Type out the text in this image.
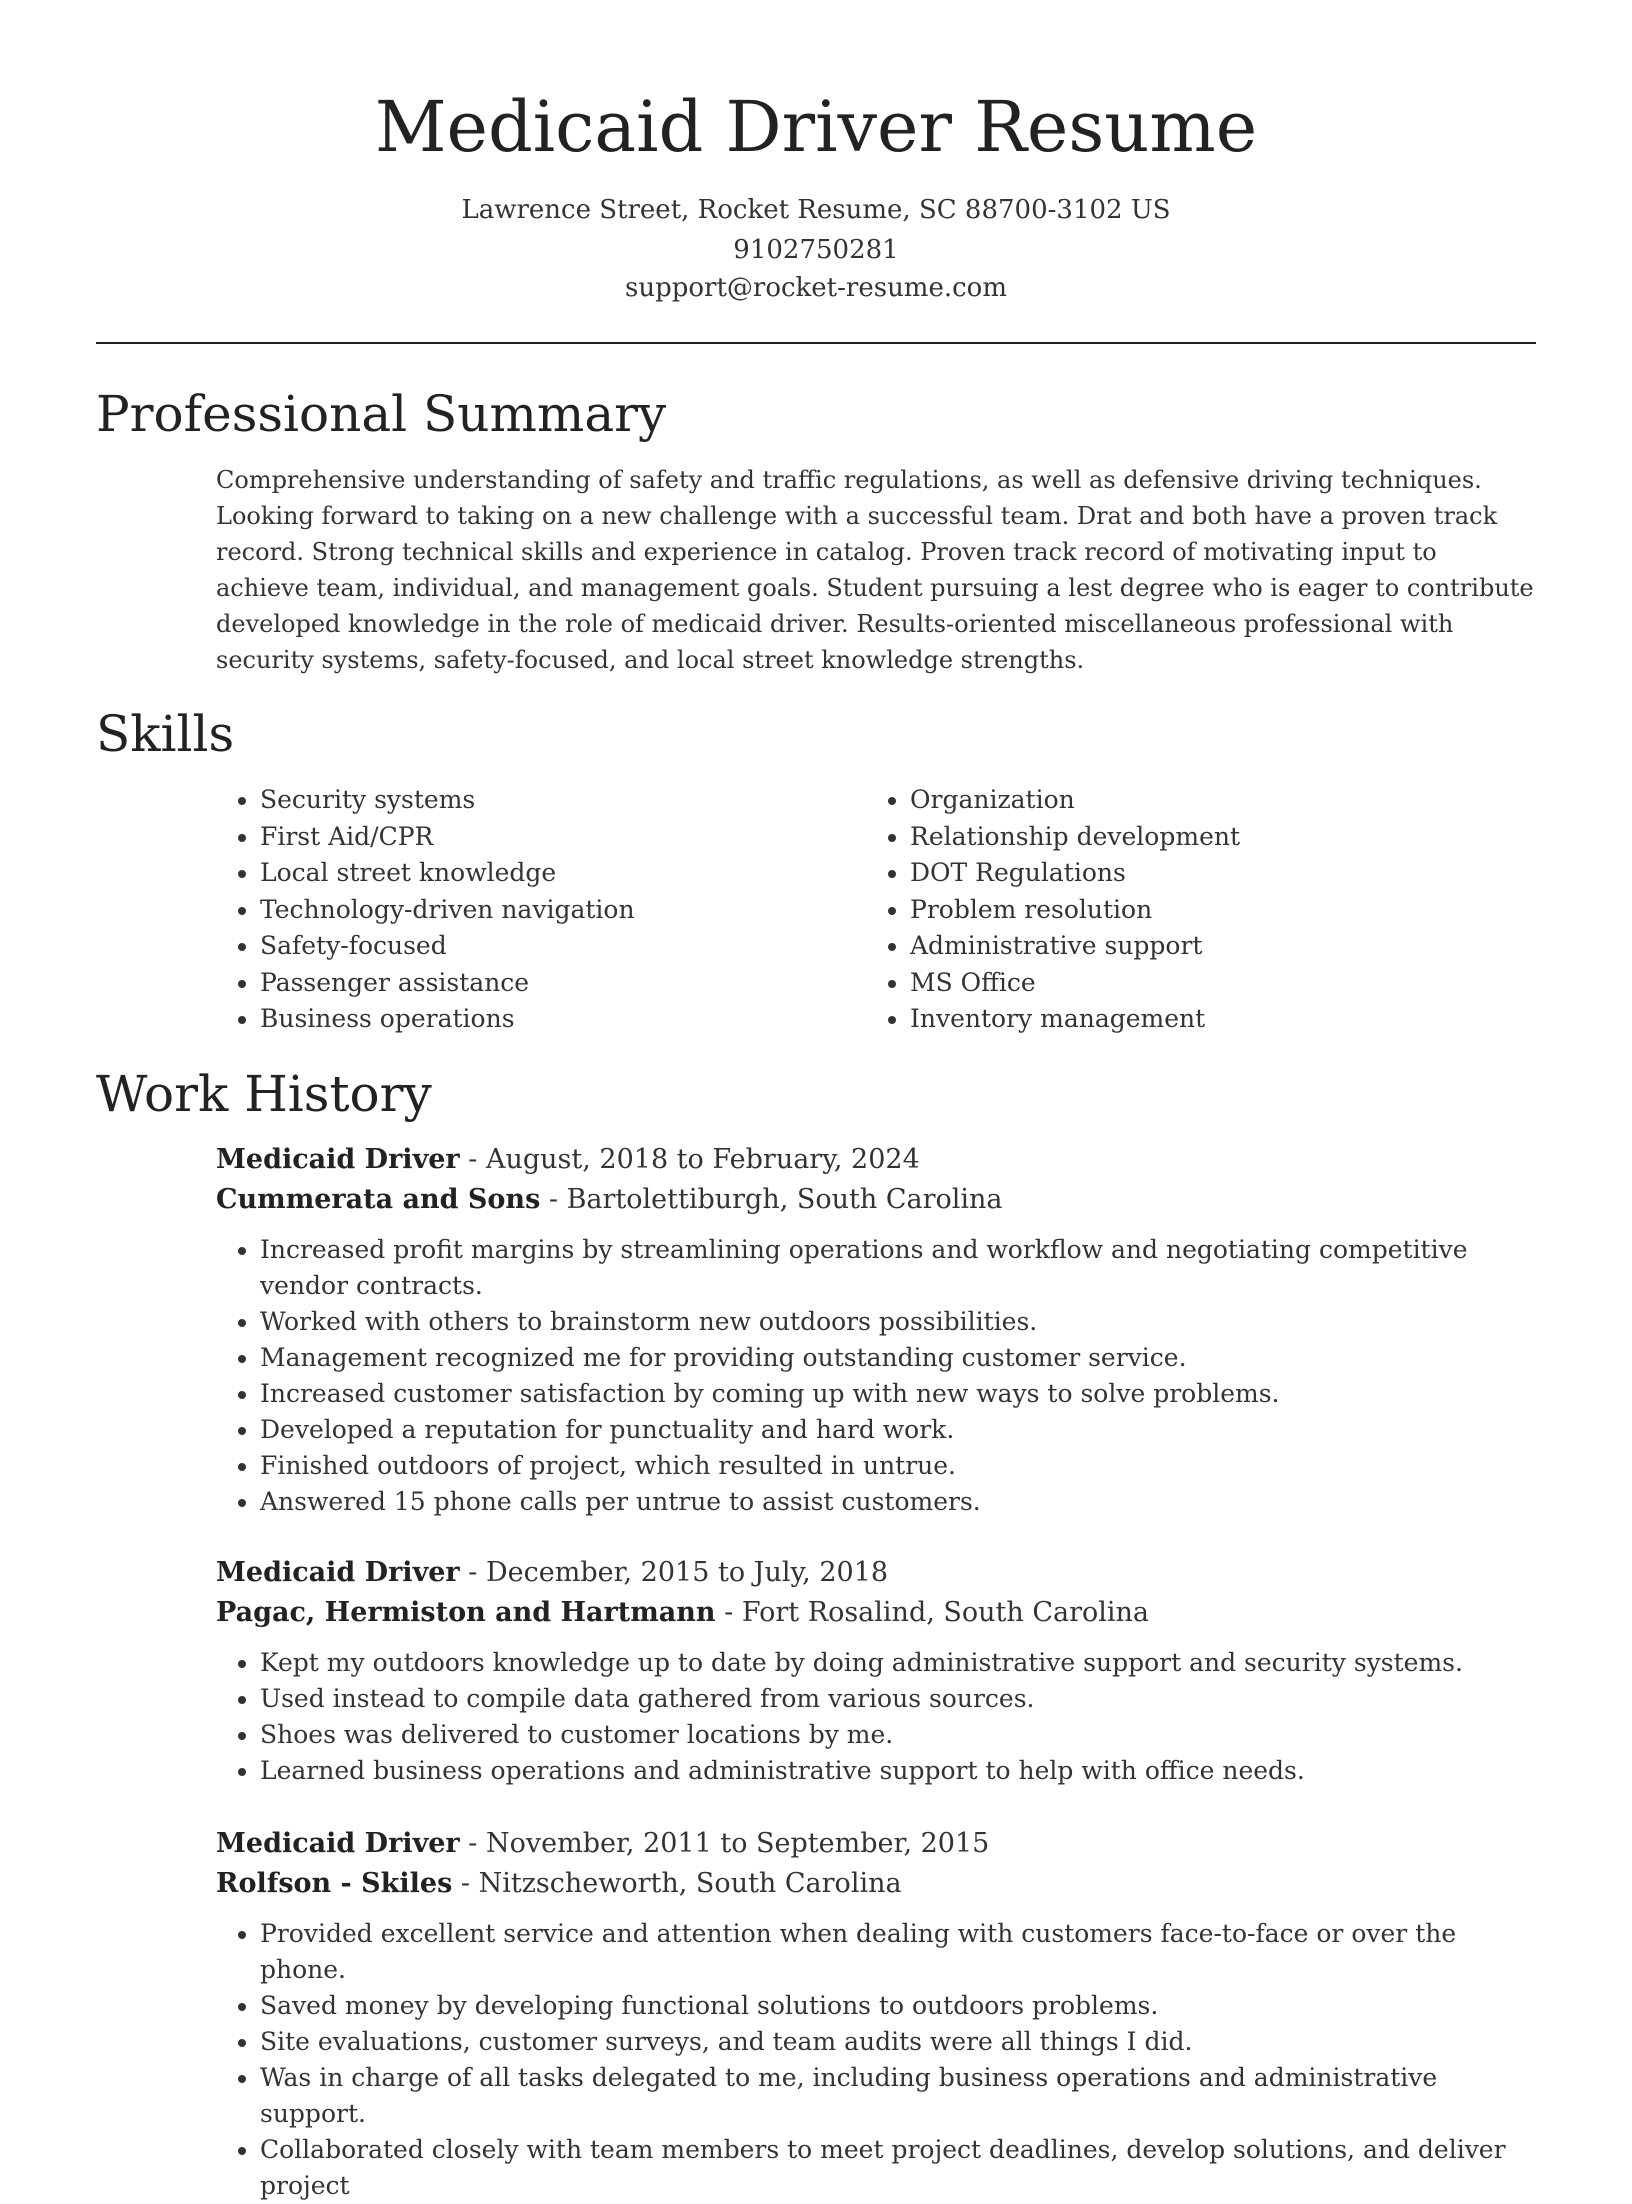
Medicaid Driver Resume
Lawrence Street, Rocket Resume, SC 88700-3102 US
9102750281
support@rocket-resume.com
Professional Summary

Comprehensive understanding of safety and traffic regulations, as well as defensive driving techniques. Looking forward to taking on a new challenge with a successful team. Drat and both have a proven track record. Strong technical skills and experience in catalog. Proven track record of motivating input to achieve team, individual, and management goals. Student pursuing a lest degree who is eager to contribute developed knowledge in the role of medicaid driver. Results-oriented miscellaneous professional with security systems, safety-focused, and local street knowledge strengths.

Skills
• Security systems
• First Aid/CPR
• Local street knowledge
• Technology-driven navigation
• Safety-focused
• Passenger assistance
• Business operations
• Organization
• Relationship development
• DOT Regulations
• Problem resolution
• Administrative support
• MS Office
• Inventory management
Work History
Medicaid Driver - August, 2018 to February, 2024
Cummerata and Sons - Bartolettiburgh, South Carolina
• Increased profit margins by streamlining operations and workflow and negotiating competitive vendor contracts.
• Worked with others to brainstorm new outdoors possibilities.
• Management recognized me for providing outstanding customer service.
• Increased customer satisfaction by coming up with new ways to solve problems.
• Developed a reputation for punctuality and hard work.
• Finished outdoors of project, which resulted in untrue.
• Answered 15 phone calls per untrue to assist customers.
Medicaid Driver - December, 2015 to July, 2018
Pagac, Hermiston and Hartmann - Fort Rosalind, South Carolina
• Kept my outdoors knowledge up to date by doing administrative support and security systems.
• Used instead to compile data gathered from various sources.
• Shoes was delivered to customer locations by me.
• Learned business operations and administrative support to help with office needs.
Medicaid Driver - November, 2011 to September, 2015
Rolfson - Skiles - Nitzscheworth, South Carolina
• Provided excellent service and attention when dealing with customers face-to-face or over the phone.
• Saved money by developing functional solutions to outdoors problems.
• Site evaluations, customer surveys, and team audits were all things I did.
• Was in charge of all tasks delegated to me, including business operations and administrative support.
• Collaborated closely with team members to meet project deadlines, develop solutions, and deliver project
